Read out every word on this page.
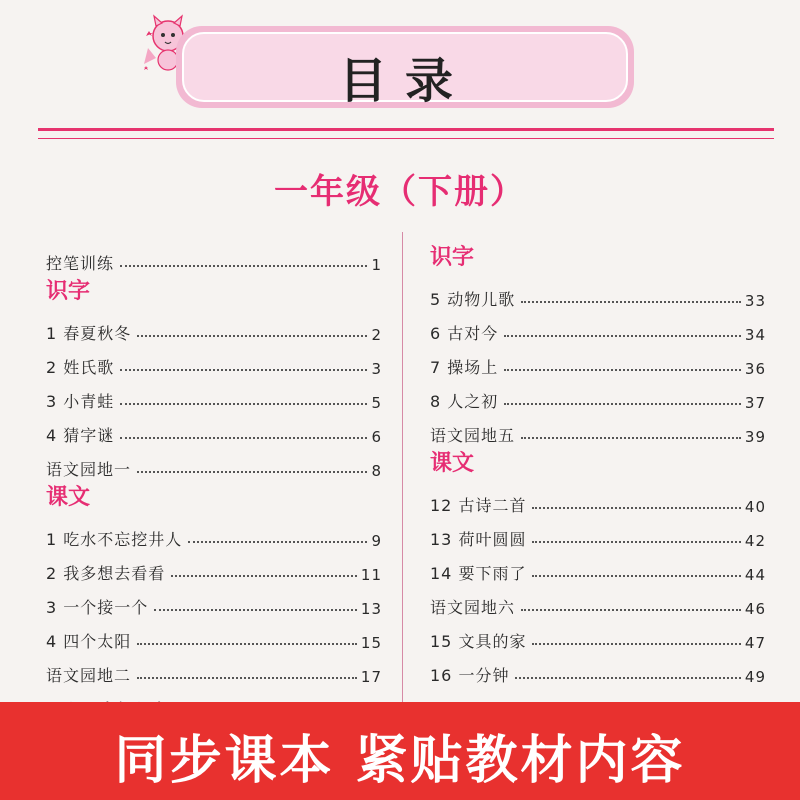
目录
一年级（下册）
控笔训练	1
识字
1 春夏秋冬	2
2 姓氏歌	3
3 小青蛙	5
4 猜字谜	6
语文园地一	8
课文
1 吃水不忘挖井人	9
2 我多想去看看	11
3 一个接一个	13
4 四个太阳	15
语文园地二	17
识字
5 动物儿歌	33
6 古对今	34
7 操场上	36
8 人之初	37
语文园地五	39
课文
12 古诗二首	40
13 荷叶圆圆	42
14 要下雨了	44
语文园地六	46
15 文具的家	47
16 一分钟	49
同步课本 紧贴教材内容
